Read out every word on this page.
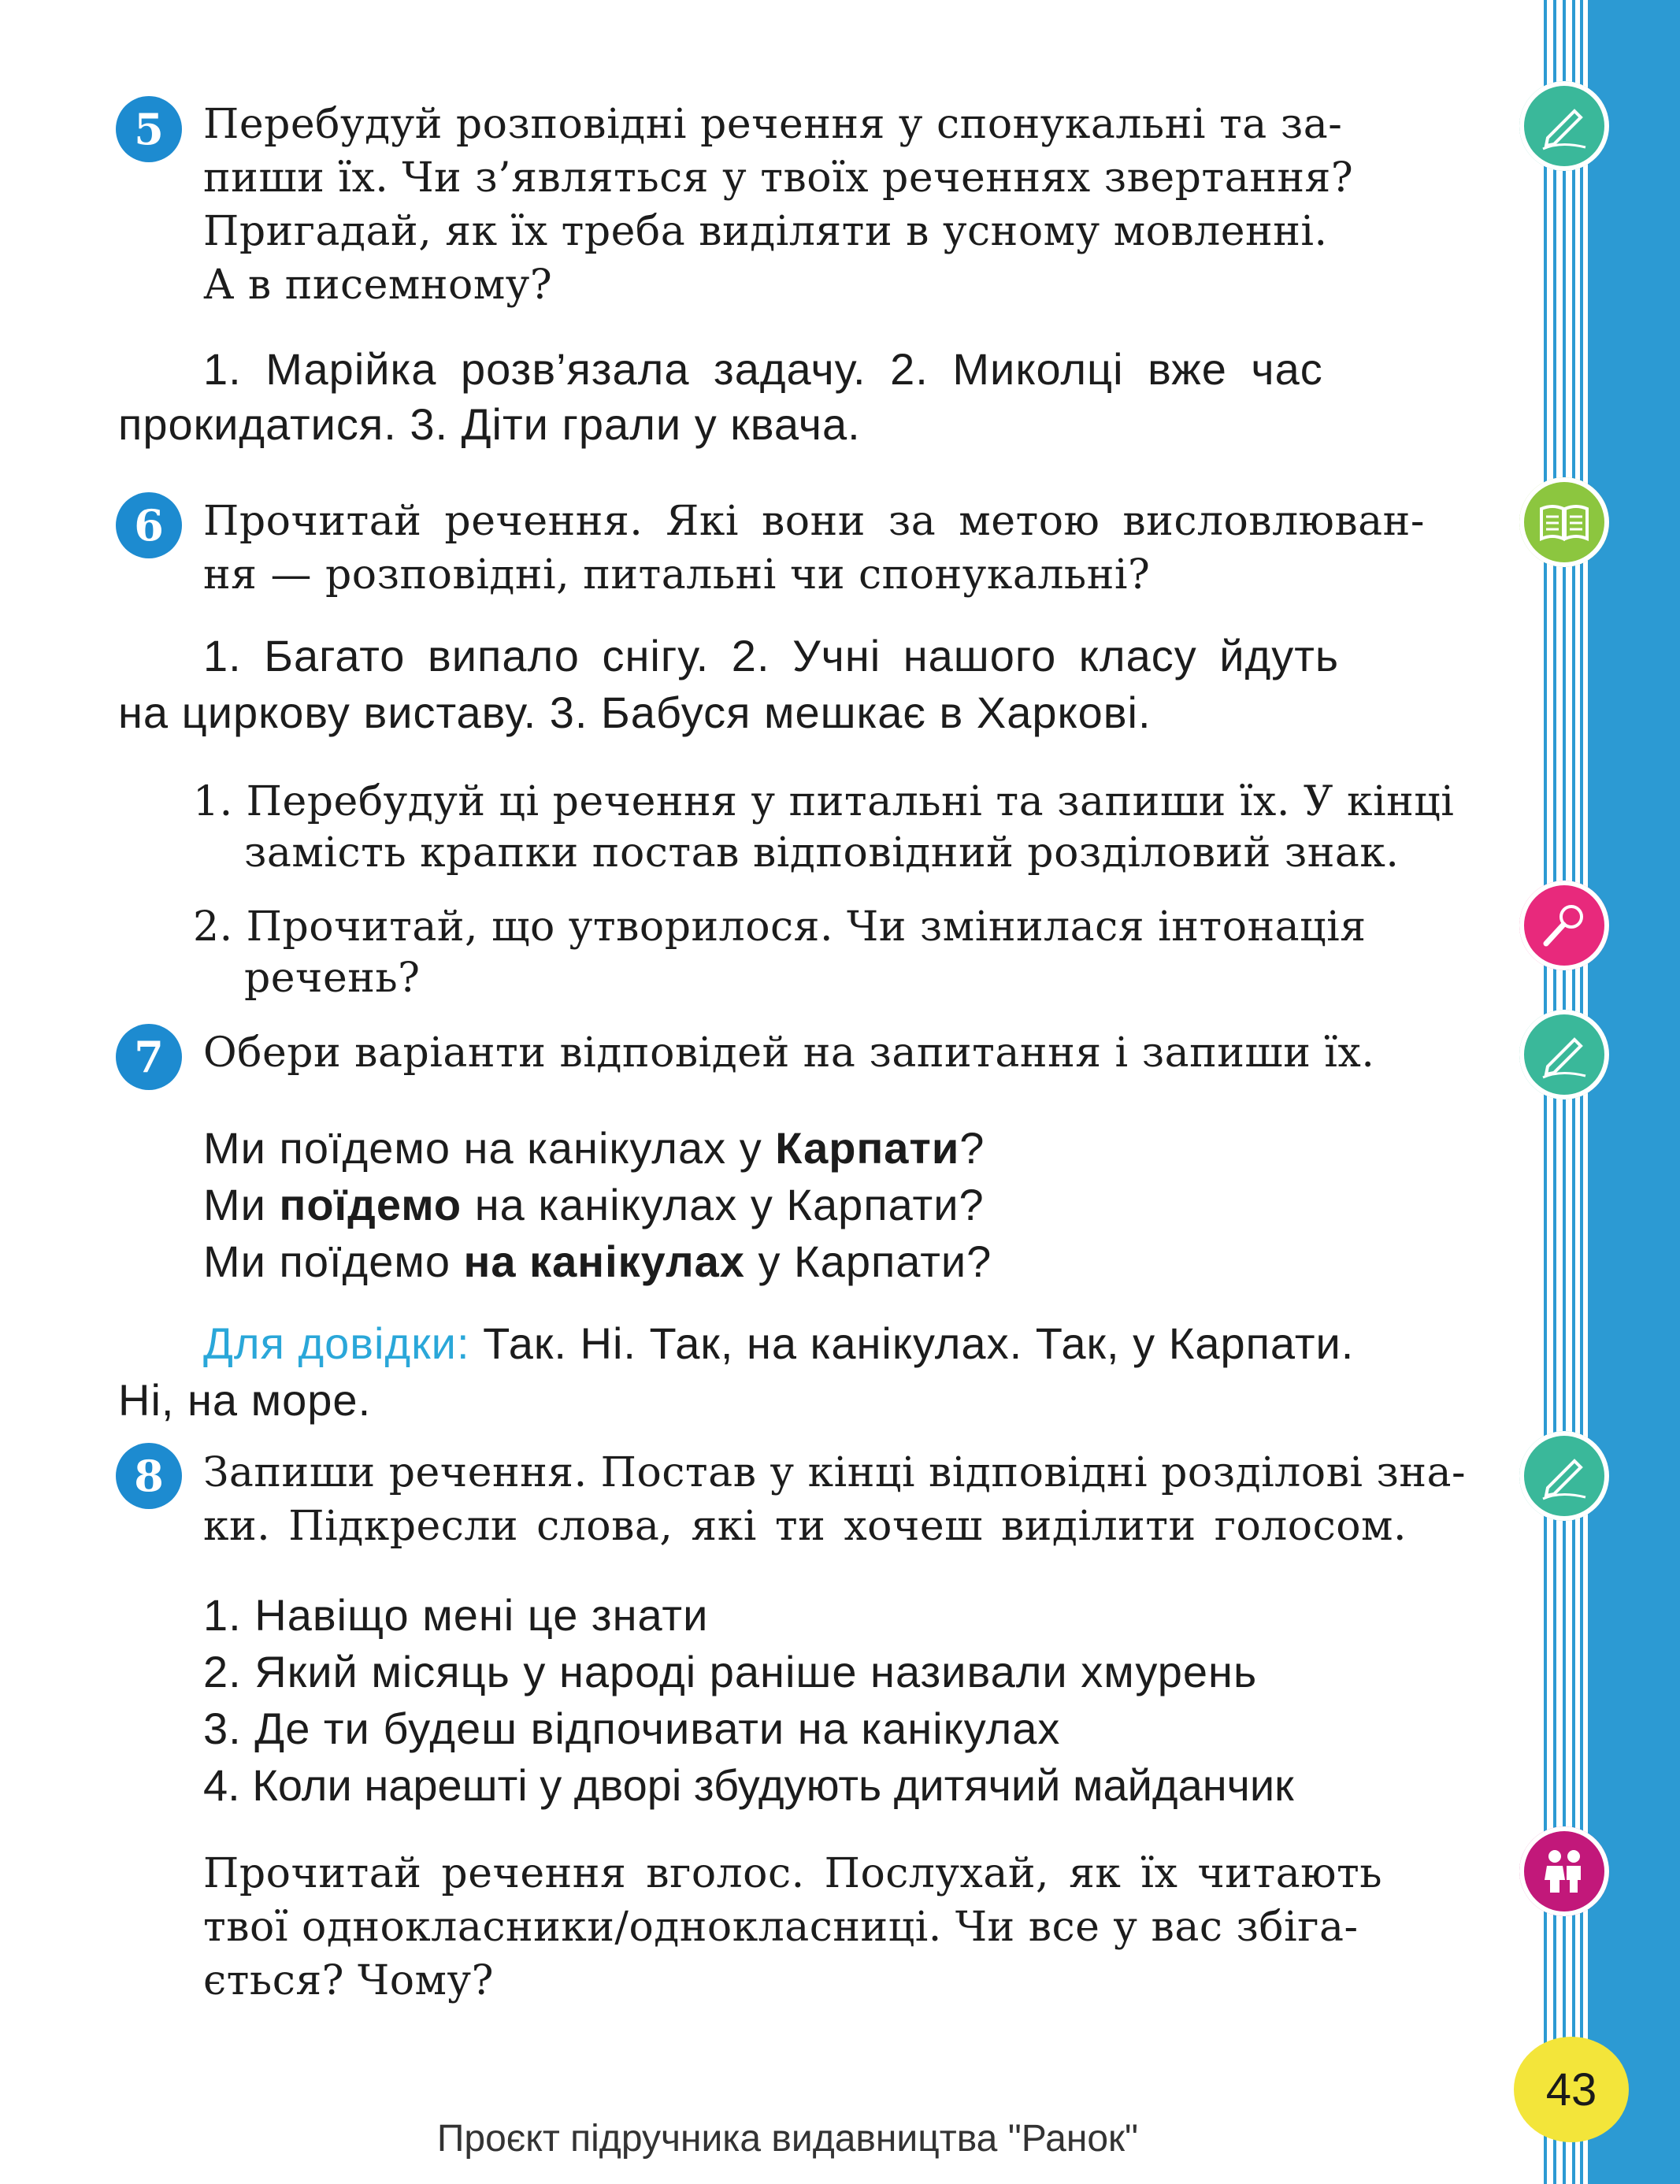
43
5 Перебудуй розповідні речення у спонукальні та за-
пиши їх. Чи з’являться у твоїх реченнях звертання?
Пригадай, як їх треба виділяти в усному мовленні.
А в писемному?
1. Марійка розв’язала задачу. 2. Миколці вже час
прокидатися. 3. Діти грали у квача.
6 Прочитай речення. Які вони за метою висловлюван-
ня — розповідні, питальні чи спонукальні?
1. Багато випало снігу. 2. Учні нашого класу йдуть
на циркову виставу. 3. Бабуся мешкає в Харкові.
1. Перебудуй ці речення у питальні та запиши їх. У кінці
замість крапки постав відповідний розділовий знак.
2. Прочитай, що утворилося. Чи змінилася інтонація
речень?
7 Обери варіанти відповідей на запитання і запиши їх.
Ми поїдемо на канікулах у Карпати?
Ми поїдемо на канікулах у Карпати?
Ми поїдемо на канікулах у Карпати?
Для довідки: Так. Ні. Так, на канікулах. Так, у Карпати.
Ні, на море.
8 Запиши речення. Постав у кінці відповідні розділові зна-
ки. Підкресли слова, які ти хочеш виділити голосом.
1. Навіщо мені це знати
2. Який місяць у народі раніше називали хмурень
3. Де ти будеш відпочивати на канікулах
4. Коли нарешті у дворі збудують дитячий майданчик
Прочитай речення вголос. Послухай, як їх читають
твої однокласники/однокласниці. Чи все у вас збіга-
ється? Чому?
Проєкт підручника видавництва "Ранок"
